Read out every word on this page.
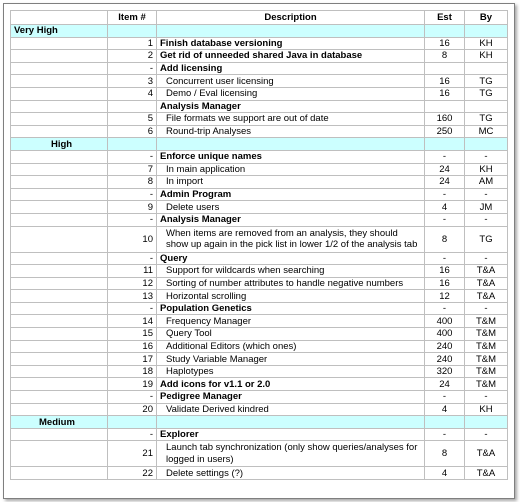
	Item #	Description	Est	By
Very High				
	1	Finish database versioning	16	KH
	2	Get rid of unneeded shared Java in database	8	KH
	-	Add licensing		
	3	Concurrent user licensing	16	TG
	4	Demo / Eval licensing	16	TG
		Analysis Manager		
	5	File formats we support are out of date	160	TG
	6	Round-trip Analyses	250	MC
High				
	-	Enforce unique names	-	-
	7	In main application	24	KH
	8	In import	24	AM
	-	Admin Program	-	-
	9	Delete users	4	JM
	-	Analysis Manager	-	-
	10	When items are removed from an analysis, they should show up again in the pick list in lower 1/2 of the analysis tab	8	TG
	-	Query	-	-
	11	Support for wildcards when searching	16	T&A
	12	Sorting of number attributes to handle negative numbers	16	T&A
	13	Horizontal scrolling	12	T&A
	-	Population Genetics	-	-
	14	Frequency Manager	400	T&M
	15	Query Tool	400	T&M
	16	Additional Editors (which ones)	240	T&M
	17	Study Variable Manager	240	T&M
	18	Haplotypes	320	T&M
	19	Add icons for v1.1 or 2.0	24	T&M
	-	Pedigree Manager	-	-
	20	Validate Derived kindred	4	KH
Medium				
	-	Explorer	-	-
	21	Launch tab synchronization (only show queries/analyses for logged in users)	8	T&A
	22	Delete settings (?)	4	T&A
